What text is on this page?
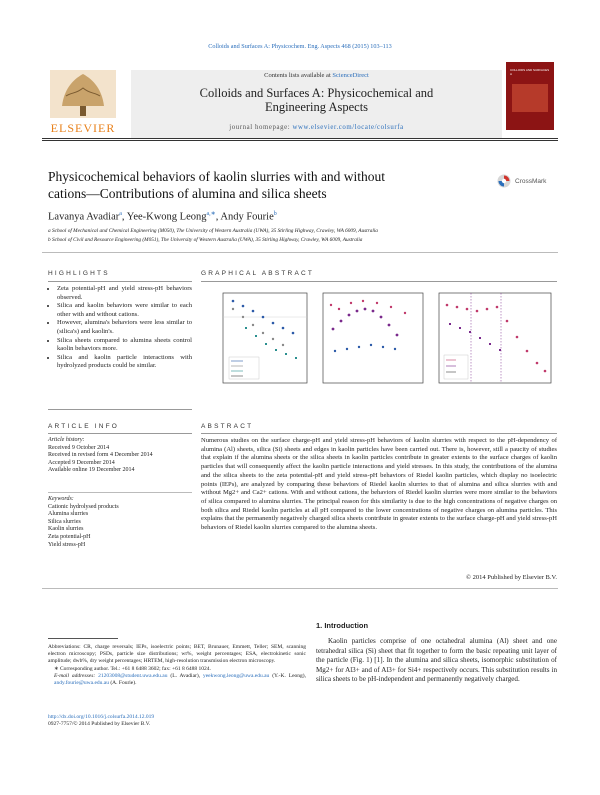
Colloids and Surfaces A: Physicochem. Eng. Aspects 468 (2015) 103–113
ELSEVIER
Contents lists available at ScienceDirect
Colloids and Surfaces A: Physicochemical and
Engineering Aspects
journal homepage: www.elsevier.com/locate/colsurfa
COLLOIDS AND SURFACES A
Physicochemical behaviors of kaolin slurries with and without
cations—Contributions of alumina and silica sheets
CrossMark
Lavanya Avadiar$^a$, Yee-Kwong Leong$^{a,∗}$, Andy Fourie$^b$
a School of Mechanical and Chemical Engineering (M050), The University of Western Australia (UWA), 35 Stirling Highway, Crawley, WA 6009, Australia
b School of Civil and Resource Engineering (M051), The University of Western Australia (UWA), 35 Stirling Highway, Crawley, WA 6009, Australia
HIGHLIGHTS
• Zeta potential-pH and yield stress-pH behaviors observed.
• Silica and kaolin behaviors were similar to each other with and without cations.
• However, alumina's behaviors were less similar to (silica's) and kaolin's.
• Silica sheets compared to alumina sheets control kaolin behaviors more.
• Silica and kaolin particle interactions with hydrolyzed products could be similar.
GRAPHICAL ABSTRACT
ARTICLE INFO
Article history:
Received 9 October 2014
Received in revised form 4 December 2014
Accepted 9 December 2014
Available online 19 December 2014
Keywords:
Cationic hydrolysed products
Alumina slurries
Silica slurries
Kaolin slurries
Zeta potential-pH
Yield stress-pH
ABSTRACT
Numerous studies on the surface charge-pH and yield stress-pH behaviors of kaolin slurries with respect to the pH-dependency of alumina (Al) sheets, silica (Si) sheets and edges in kaolin particles have been carried out. There is, however, still a paucity of studies that explain if the alumina sheets or the silica sheets in kaolin particles contribute in greater extents to the surface charges of kaolin particles that will consequently affect the kaolin particle interactions and yield stresses. In this study, the contributions of the alumina and the silica sheets to the zeta potential-pH and yield stress-pH behaviors of Riedel kaolin particles, which display no isoelectric points (IEPs), are analyzed by comparing these behaviors of Riedel kaolin slurries to that of alumina and silica slurries with and without Mg2+ and Ca2+ cations. With and without cations, the behaviors of Riedel kaolin slurries were more similar to the behaviors of silica compared to alumina slurries. The principal reason for this similarity is due to the high concentrations of negative charges on both silica and Riedel kaolin particles at all pH compared to the lower concentrations of negative charges on alumina particles. This explains that the permanently negatively charged silica sheets contribute in greater extents to the surface charge-pH and yield stress-pH behaviors of Riedel kaolin slurries compared to the alumina sheets.
© 2014 Published by Elsevier B.V.
Abbreviations: CR, charge reversals; IEPs, isoelectric points; BET, Brunauer, Emmett, Teller; SEM, scanning electron microscopy; PSDs, particle size distributions; wt%, weight percentages; ESA, electrokinetic sonic amplitude; dwb%, dry weight percentages; HRTEM, high-resolution transmission electron microscopy.
∗ Corresponding author. Tel.: +61 8 6488 3602; fax: +61 8 6488 1024.
E-mail addresses: 21203008@student.uwa.edu.au (L. Avadiar), yeekwong.leong@uwa.edu.au (Y.-K. Leong), andy.fourie@uwa.edu.au (A. Fourie).
http://dx.doi.org/10.1016/j.colsurfa.2014.12.019
0927-7757/© 2014 Published by Elsevier B.V.
1. Introduction
Kaolin particles comprise of one octahedral alumina (Al) sheet and one tetrahedral silica (Si) sheet that fit together to form the basic repeating unit layer of the particle (Fig. 1) [1]. In the alumina and silica sheets, isomorphic substitution of Mg2+ for Al3+ and of Al3+ for Si4+ respectively occurs. This substitution results in silica sheets to be pH-independent and permanently negatively charged.
